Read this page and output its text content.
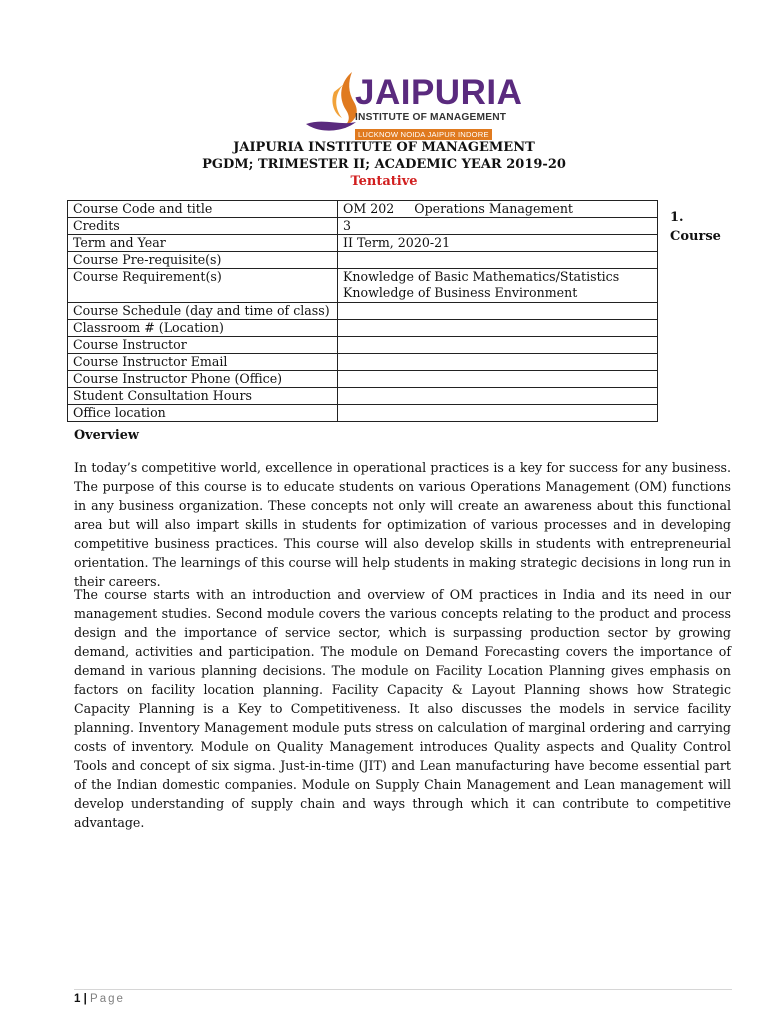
JAIPURIA
INSTITUTE OF MANAGEMENT
LUCKNOW NOIDA JAIPUR INDORE
JAIPURIA INSTITUTE OF MANAGEMENT
PGDM; TRIMESTER II; ACADEMIC YEAR 2019-20
Tentative
Course Code and title	OM 202     Operations Management
Credits	3
Term and Year	II Term, 2020-21
Course Pre-requisite(s)	
Course Requirement(s)	Knowledge of Basic Mathematics/Statistics
Knowledge of Business Environment

Course Schedule (day and time of class)	
Classroom # (Location)	
Course Instructor	
Course Instructor Email	
Course Instructor Phone (Office)	
Student Consultation Hours	
Office location	
1.
Course
Overview
In today’s competitive world, excellence in operational practices is a key for success for any business. The purpose of this course is to educate students on various Operations Management (OM) functions in any business organization. These concepts not only will create an awareness about this functional area but will also impart skills in students for optimization of various processes and in developing competitive business practices. This course will also develop skills in students with entrepreneurial orientation. The learnings of this course will help students in making strategic decisions in long run in their careers.
The course starts with an introduction and overview of OM practices in India and its need in our management studies. Second module covers the various concepts relating to the product and process design and the importance of service sector, which is surpassing production sector by growing demand, activities and participation. The module on Demand Forecasting covers the importance of demand in various planning decisions. The module on Facility Location Planning gives emphasis on factors on facility location planning. Facility Capacity & Layout Planning shows how Strategic Capacity Planning is a Key to Competitiveness. It also discusses the models in service facility planning. Inventory Management module puts stress on calculation of marginal ordering and carrying costs of inventory. Module on Quality Management introduces Quality aspects and Quality Control Tools and concept of six sigma. Just-in-time (JIT) and Lean manufacturing have become essential part of the Indian domestic companies. Module on Supply Chain Management and Lean management will develop understanding of supply chain and ways through which it can contribute to competitive advantage.
1 | Page
